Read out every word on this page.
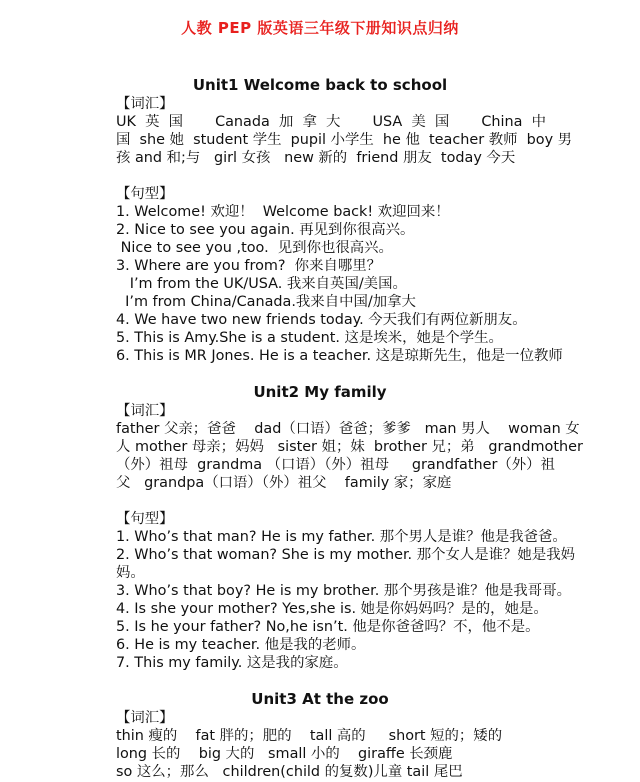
人教 PEP 版英语三年级下册知识点归纳
Unit1 Welcome back to school
【词汇】
UK  英  国       Canada  加  拿  大       USA  美  国       China  中
国  she 她  student 学生  pupil 小学生  he 他  teacher 教师  boy 男
孩 and 和;与   girl 女孩   new 新的  friend 朋友  today 今天
【句型】
1. Welcome! 欢迎！  Welcome back! 欢迎回来！
2. Nice to see you again. 再见到你很高兴。
Nice to see you ,too.  见到你也很高兴。
3. Where are you from?  你来自哪里？
I’m from the UK/USA. 我来自英国/美国。
I’m from China/Canada.我来自中国/加拿大
4. We have two new friends today. 今天我们有两位新朋友。
5. This is Amy.She is a student. 这是埃米，她是个学生。
6. This is MR Jones. He is a teacher. 这是琼斯先生，他是一位教师
Unit2 My family
【词汇】
father 父亲；爸爸    dad（口语）爸爸；爹爹   man 男人    woman 女
人 mother 母亲；妈妈   sister 姐；妹  brother 兄；弟   grandmother
（外）祖母  grandma （口语）（外）祖母     grandfather（外）祖
父   grandpa（口语）（外）祖父    family 家；家庭
【句型】
1. Who’s that man? He is my father. 那个男人是谁？他是我爸爸。
2. Who’s that woman? She is my mother. 那个女人是谁？她是我妈
妈。
3. Who’s that boy? He is my brother. 那个男孩是谁？他是我哥哥。
4. Is she your mother? Yes,she is. 她是你妈妈吗？是的，她是。
5. Is he your father? No,he isn’t. 他是你爸爸吗？不，他不是。
6. He is my teacher. 他是我的老师。
7. This my family. 这是我的家庭。
Unit3 At the zoo
【词汇】
thin 瘦的    fat 胖的；肥的    tall 高的     short 短的；矮的
long 长的    big 大的   small 小的    giraffe 长颈鹿
so 这么；那么   children(child 的复数)儿童 tail 尾巴
